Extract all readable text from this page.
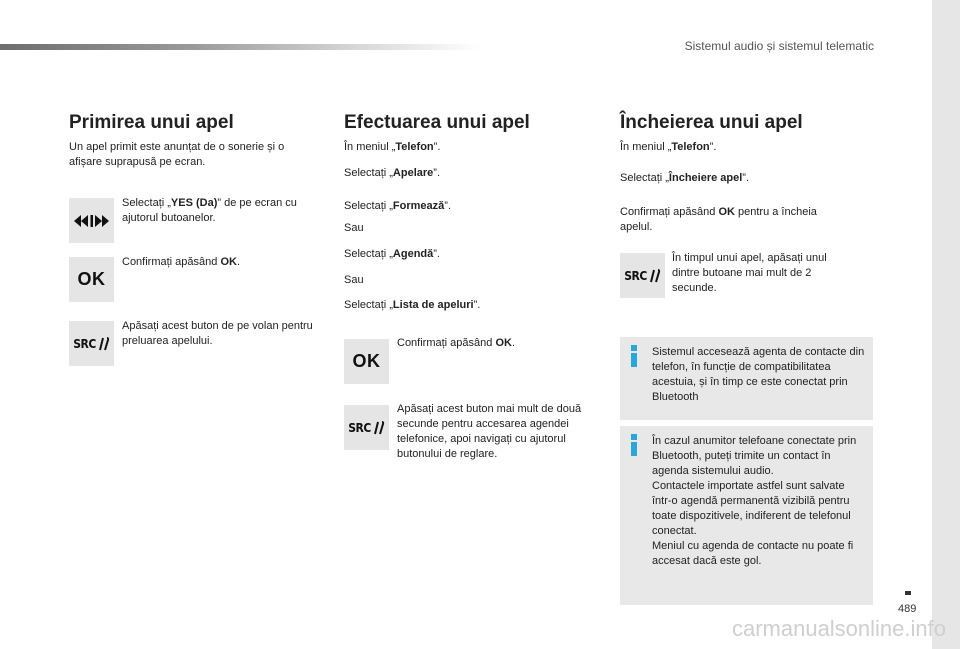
Sistemul audio și sistemul telematic
Primirea unui apel
Un apel primit este anunțat de o sonerie și o afișare suprapusă pe ecran.
Selectați „YES (Da)” de pe ecran cu ajutorul butoanelor.
OK
Confirmați apăsând OK.
SRC
Apăsați acest buton de pe volan pentru preluarea apelului.
Efectuarea unui apel
În meniul „Telefon”.
Selectați „Apelare”.
Selectați „Formează”.
Sau
Selectați „Agendă”.
Sau
Selectați „Lista de apeluri”.
OK
Confirmați apăsând OK.
SRC
Apăsați acest buton mai mult de două secunde pentru accesarea agendei telefonice, apoi navigați cu ajutorul butonului de reglare.
Încheierea unui apel
În meniul „Telefon”.
Selectați „Încheiere apel”.
Confirmați apăsând OK pentru a încheia apelul.
SRC
În timpul unui apel, apăsați unul dintre butoane mai mult de 2 secunde.
Sistemul accesează agenta de contacte din telefon, în funcție de compatibilitatea acestuia, și în timp ce este conectat prin Bluetooth
În cazul anumitor telefoane conectate prin Bluetooth, puteți trimite un contact în agenda sistemului audio.
Contactele importate astfel sunt salvate într-o agendă permanentă vizibilă pentru toate dispozitivele, indiferent de telefonul conectat.
Meniul cu agenda de contacte nu poate fi accesat dacă este gol.
489
carmanualsonline.info
